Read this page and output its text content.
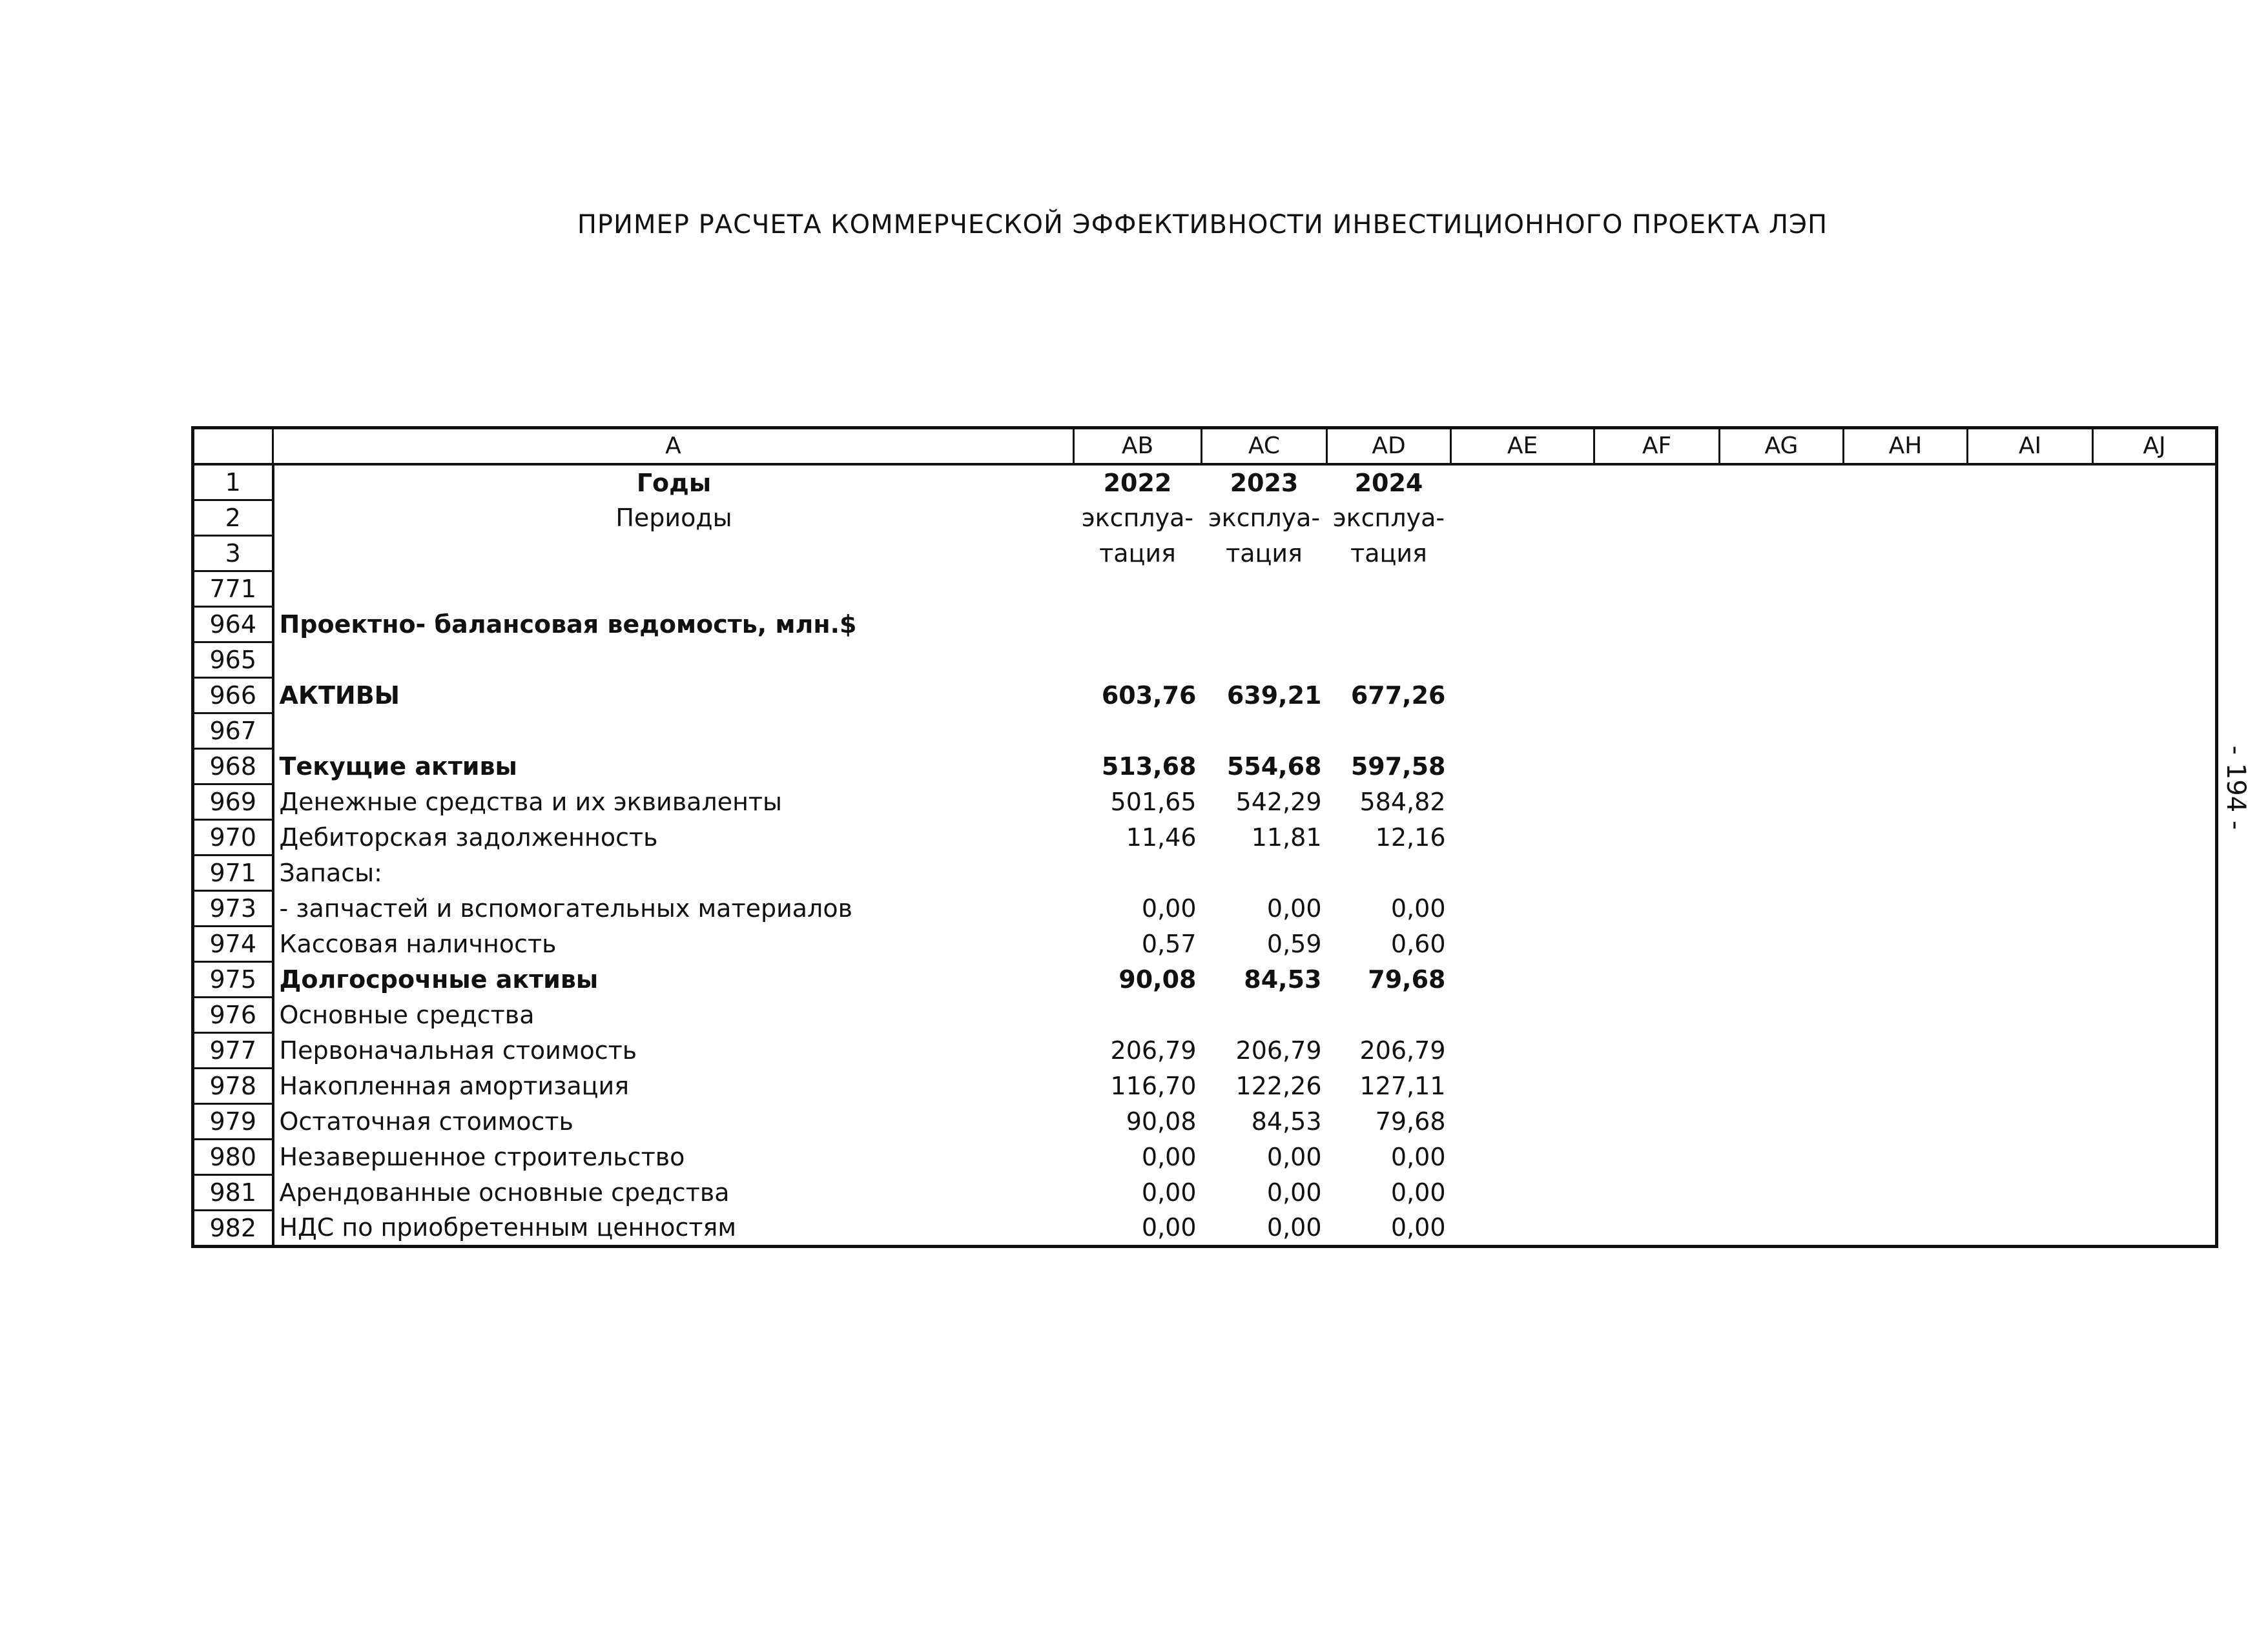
ПРИМЕР РАСЧЕТА КОММЕРЧЕСКОЙ ЭФФЕКТИВНОСТИ ИНВЕСТИЦИОННОГО ПРОЕКТА ЛЭП
	A	AB	AC	AD	AE	AF	AG	AH	AI	AJ
1	Годы	2022	2023	2024						
2	Периоды	эксплуа-	эксплуа-	эксплуа-						
3		тация	тация	тация						
771										
964	Проектно- балансовая ведомость, млн.$									
965										
966	АКТИВЫ	603,76	639,21	677,26						
967										
968	Текущие активы	513,68	554,68	597,58						
969	Денежные средства и их эквиваленты	501,65	542,29	584,82						
970	Дебиторская задолженность	11,46	11,81	12,16						
971	Запасы:									
973	- запчастей и вспомогательных материалов	0,00	0,00	0,00						
974	Кассовая наличность	0,57	0,59	0,60						
975	Долгосрочные активы	90,08	84,53	79,68						
976	Основные средства									
977	Первоначальная стоимость	206,79	206,79	206,79						
978	Накопленная амортизация	116,70	122,26	127,11						
979	Остаточная стоимость	90,08	84,53	79,68						
980	Незавершенное строительство	0,00	0,00	0,00						
981	Арендованные основные средства	0,00	0,00	0,00						
982	НДС по приобретенным ценностям	0,00	0,00	0,00						
- 194 -
